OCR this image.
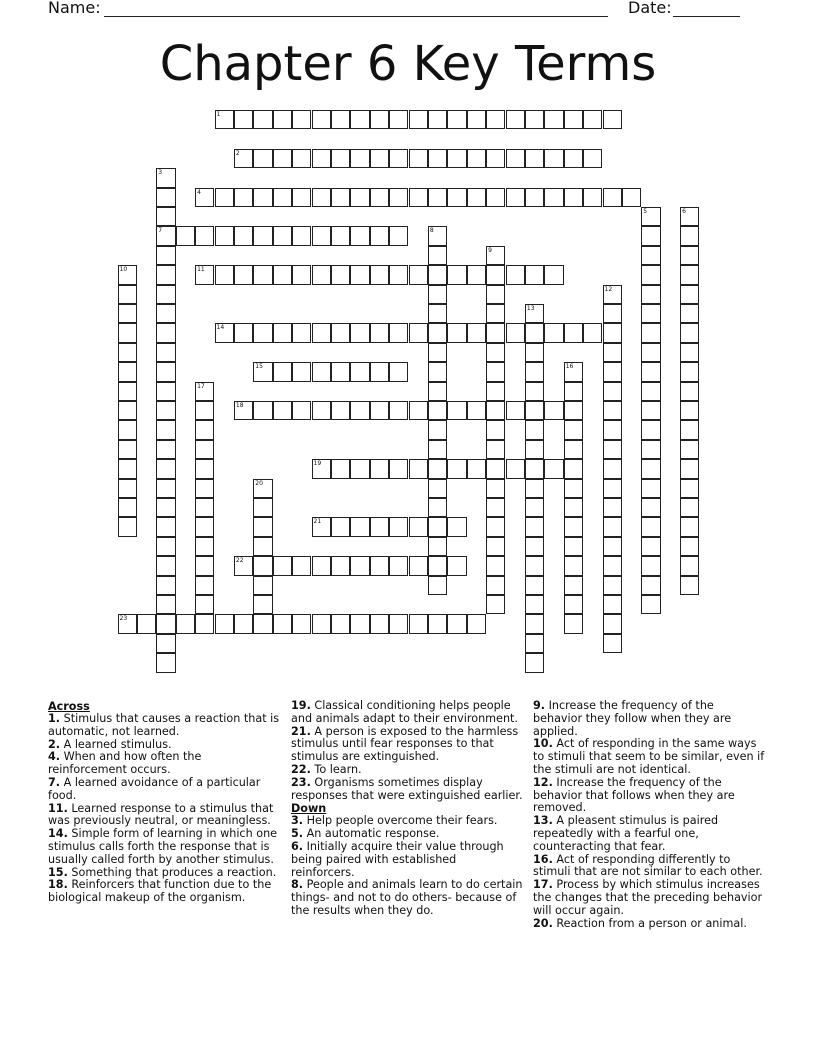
Name:	Date:
Chapter 6 Key Terms
1
2
3
7
4
5	6
8
9
10	11
12
13
14
15	16
17
18
19
20
21
22
23
Across

1. Stimulus that causes a reaction that is automatic, not learned.

2. A learned stimulus.

4. When and how often the reinforcement occurs.

7. A learned avoidance of a particular food.

11. Learned response to a stimulus that was previously neutral, or meaningless.

14. Simple form of learning in which one stimulus calls forth the response that is usually called forth by another stimulus.

15. Something that produces a reaction.

18. Reinforcers that function due to the biological makeup of the organism.

19. Classical conditioning helps people and animals adapt to their environment.

21. A person is exposed to the harmless stimulus until fear responses to that stimulus are extinguished.

22. To learn.

23. Organisms sometimes display responses that were extinguished earlier.

Down

3. Help people overcome their fears.

5. An automatic response.

6. Initially acquire their value through being paired with established reinforcers.

8. People and animals learn to do certain things- and not to do others- because of the results when they do.

9. Increase the frequency of the behavior they follow when they are applied.

10. Act of responding in the same ways to stimuli that seem to be similar, even if the stimuli are not identical.

12. Increase the frequency of the behavior that follows when they are removed.

13. A pleasent stimulus is paired repeatedly with a fearful one, counteracting that fear.

16. Act of responding differently to stimuli that are not similar to each other.

17. Process by which stimulus increases the changes that the preceding behavior will occur again.

20. Reaction from a person or animal.
